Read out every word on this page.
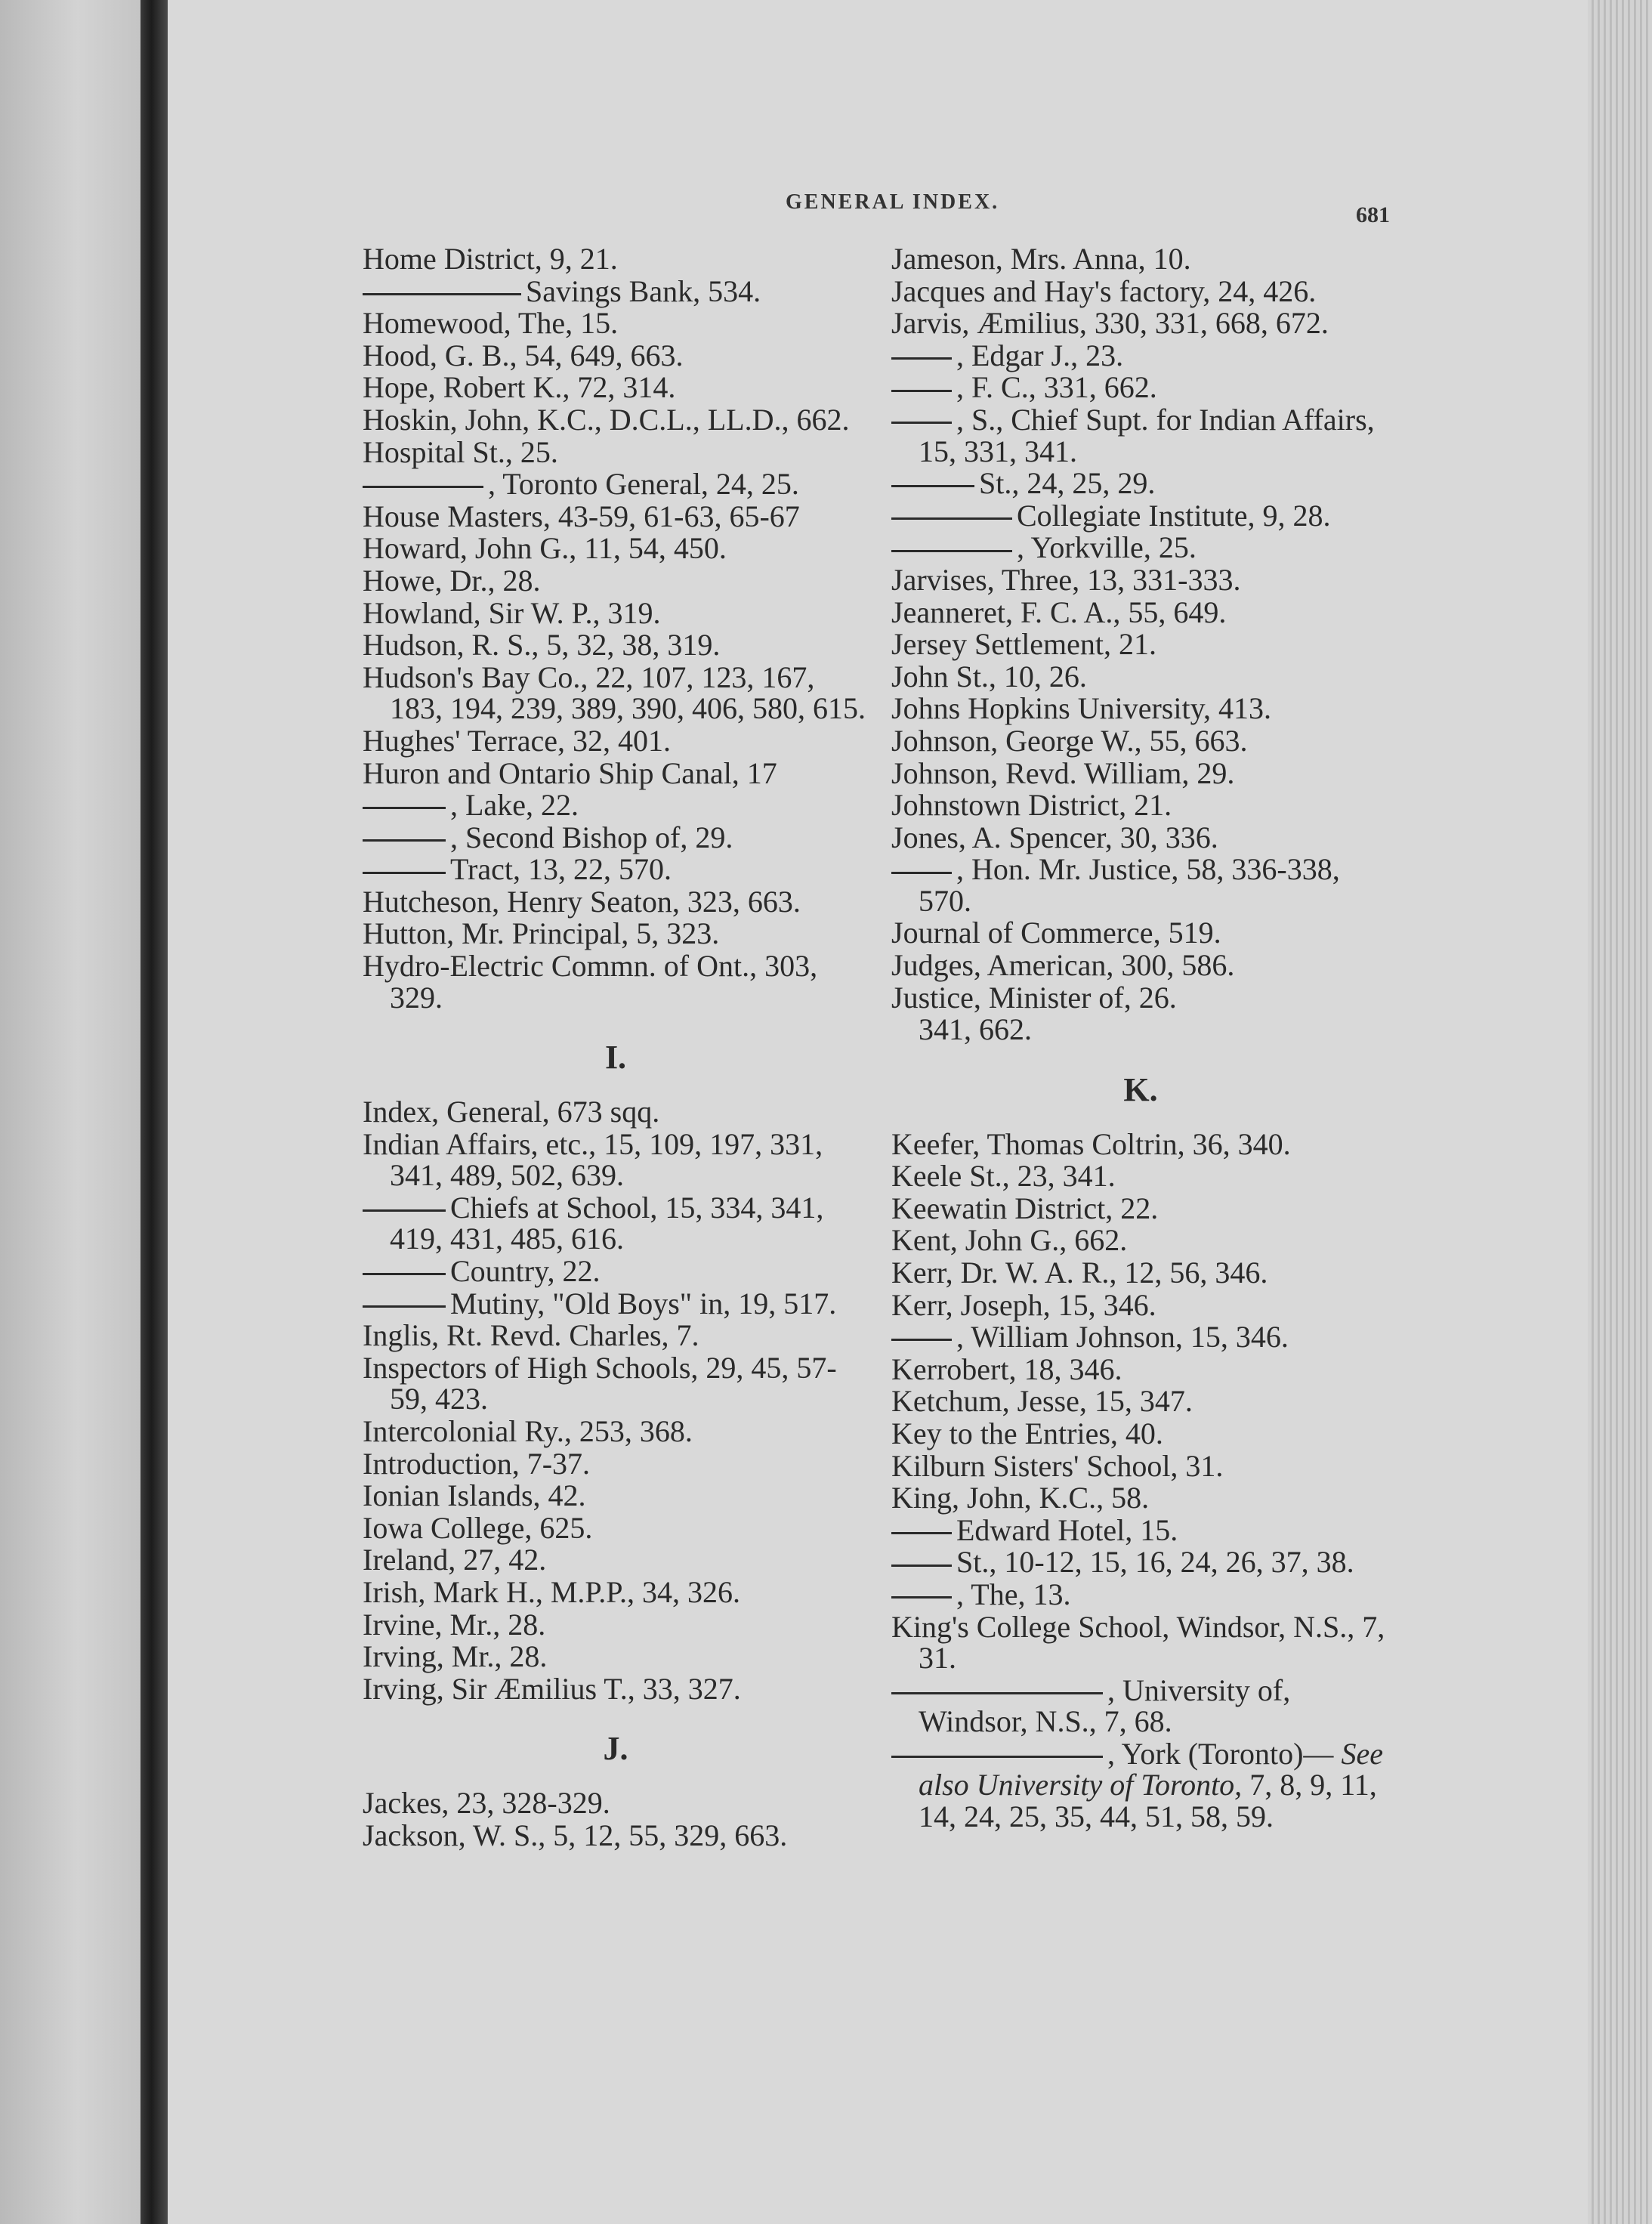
GENERAL INDEX.
681

Home District, 9, 21.

Savings Bank, 534.

Homewood, The, 15.

Hood, G. B., 54, 649, 663.

Hope, Robert K., 72, 314.

Hoskin, John, K.C., D.C.L., LL.D., 662.

Hospital St., 25.

, Toronto General, 24, 25.

House Masters, 43-59, 61-63, 65-67

Howard, John G., 11, 54, 450.

Howe, Dr., 28.

Howland, Sir W. P., 319.

Hudson, R. S., 5, 32, 38, 319.

Hudson's Bay Co., 22, 107, 123, 167, 183, 194, 239, 389, 390, 406, 580, 615.

Hughes' Terrace, 32, 401.

Huron and Ontario Ship Canal, 17

, Lake, 22.

, Second Bishop of, 29.

Tract, 13, 22, 570.

Hutcheson, Henry Seaton, 323, 663.

Hutton, Mr. Principal, 5, 323.

Hydro-Electric Commn. of Ont., 303, 329.

I.

Index, General, 673 sqq.

Indian Affairs, etc., 15, 109, 197, 331, 341, 489, 502, 639.

Chiefs at School, 15, 334, 341, 419, 431, 485, 616.

Country, 22.

Mutiny, "Old Boys" in, 19, 517.

Inglis, Rt. Revd. Charles, 7.

Inspectors of High Schools, 29, 45, 57-59, 423.

Intercolonial Ry., 253, 368.

Introduction, 7-37.

Ionian Islands, 42.

Iowa College, 625.

Ireland, 27, 42.

Irish, Mark H., M.P.P., 34, 326.

Irvine, Mr., 28.

Irving, Mr., 28.

Irving, Sir Æmilius T., 33, 327.

J.

Jackes, 23, 328-329.

Jackson, W. S., 5, 12, 55, 329, 663.

Jameson, Mrs. Anna, 10.

Jacques and Hay's factory, 24, 426.

Jarvis, Æmilius, 330, 331, 668, 672.

, Edgar J., 23.

, F. C., 331, 662.

, S., Chief Supt. for Indian Affairs, 15, 331, 341.

St., 24, 25, 29.

Collegiate Institute, 9, 28.

, Yorkville, 25.

Jarvises, Three, 13, 331-333.

Jeanneret, F. C. A., 55, 649.

Jersey Settlement, 21.

John St., 10, 26.

Johns Hopkins University, 413.

Johnson, George W., 55, 663.

Johnson, Revd. William, 29.

Johnstown District, 21.

Jones, A. Spencer, 30, 336.

, Hon. Mr. Justice, 58, 336-338, 570.

Journal of Commerce, 519.

Judges, American, 300, 586.

Justice, Minister of, 26.

341, 662.

K.

Keefer, Thomas Coltrin, 36, 340.

Keele St., 23, 341.

Keewatin District, 22.

Kent, John G., 662.

Kerr, Dr. W. A. R., 12, 56, 346.

Kerr, Joseph, 15, 346.

, William Johnson, 15, 346.

Kerrobert, 18, 346.

Ketchum, Jesse, 15, 347.

Key to the Entries, 40.

Kilburn Sisters' School, 31.

King, John, K.C., 58.

Edward Hotel, 15.

St., 10-12, 15, 16, 24, 26, 37, 38.

, The, 13.

King's College School, Windsor, N.S., 7, 31.

, University of, Windsor, N.S., 7, 68.

, York (Toronto)— See also University of Toronto, 7, 8, 9, 11, 14, 24, 25, 35, 44, 51, 58, 59.
